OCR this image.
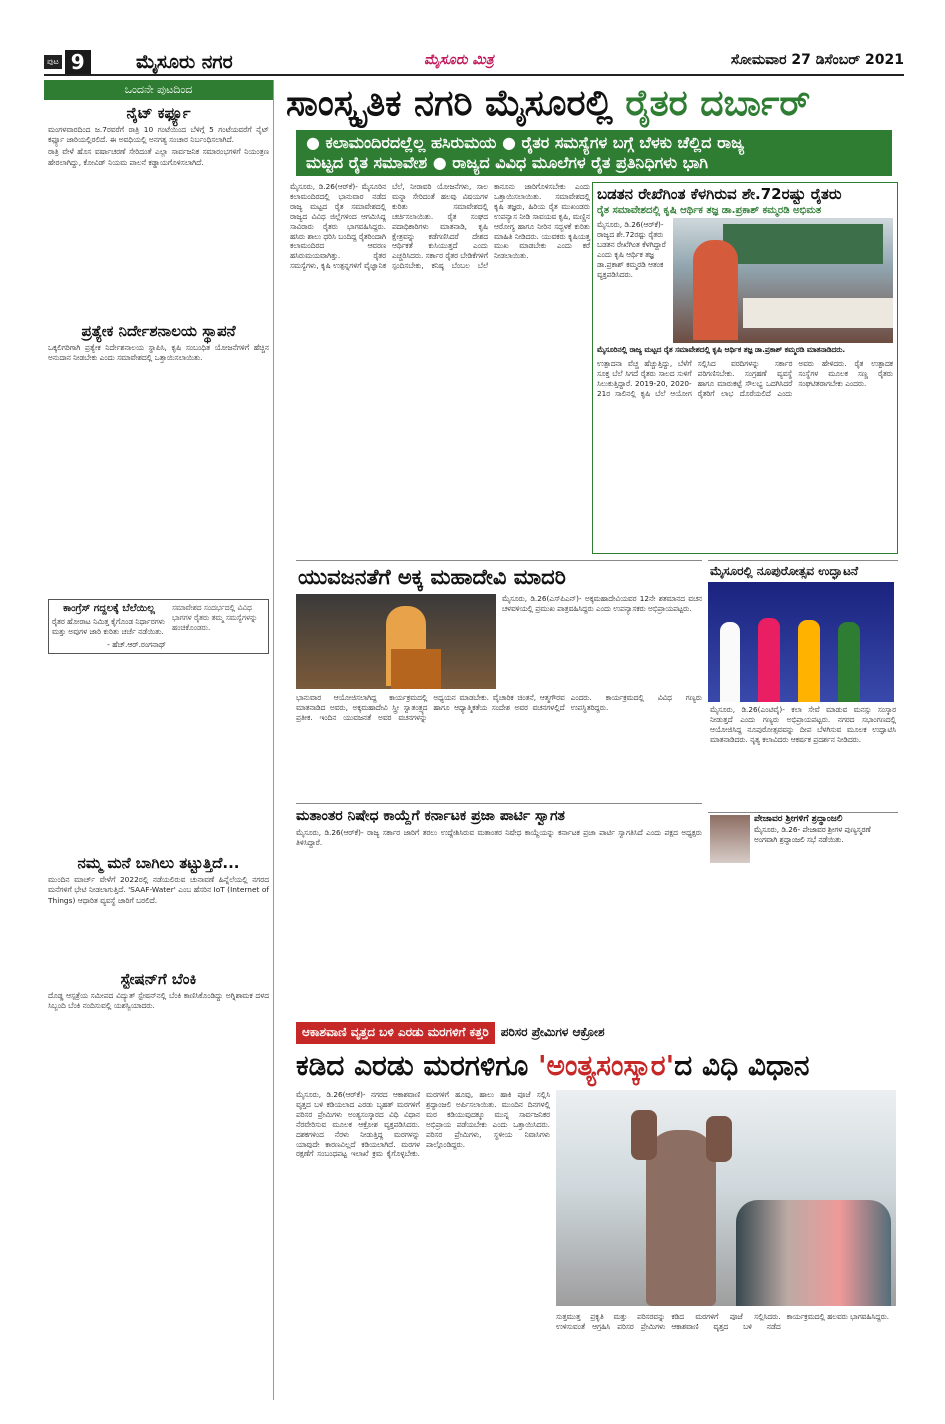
ಪುಟ 9	ಮೈಸೂರು ನಗರ	ಮೈಸೂರು ಮಿತ್ರ	ಸೋಮವಾರ 27 ಡಿಸೆಂಬರ್ 2021
ಒಂದನೇ ಪುಟದಿಂದ
ನೈಟ್ ಕರ್ಫ್ಯೂ

ಮಂಗಳವಾರದಿಂದ ಜ.7ರವರೆಗೆ ರಾತ್ರಿ 10 ಗಂಟೆಯಿಂದ ಬೆಳಿಗ್ಗೆ 5 ಗಂಟೆಯವರೆಗೆ ನೈಟ್ ಕರ್ಫ್ಯೂ ಜಾರಿಯಲ್ಲಿರಲಿದೆ. ಈ ಅವಧಿಯಲ್ಲಿ ಅನಗತ್ಯ ಸಂಚಾರ ನಿರ್ಬಂಧಿಸಲಾಗಿದೆ.

ರಾತ್ರಿ ವೇಳೆ ಹೊಸ ವರ್ಷಾಚರಣೆ ಸೇರಿದಂತೆ ಎಲ್ಲಾ ಸಾರ್ವಜನಿಕ ಸಮಾರಂಭಗಳಿಗೆ ನಿಯಂತ್ರಣ ಹೇರಲಾಗಿದ್ದು, ಕೋವಿಡ್ ನಿಯಮ ಪಾಲನೆ ಕಡ್ಡಾಯಗೊಳಿಸಲಾಗಿದೆ.

ಪ್ರತ್ಯೇಕ ನಿರ್ದೇಶನಾಲಯ ಸ್ಥಾಪನೆ

ಒಕ್ಕಲಿಗರಿಗಾಗಿ ಪ್ರತ್ಯೇಕ ನಿರ್ದೇಶನಾಲಯ ಸ್ಥಾಪಿಸಿ, ಕೃಷಿ ಸಂಬಂಧಿತ ಯೋಜನೆಗಳಿಗೆ ಹೆಚ್ಚಿನ ಅನುದಾನ ನೀಡಬೇಕು ಎಂದು ಸಮಾವೇಶದಲ್ಲಿ ಒತ್ತಾಯಿಸಲಾಯಿತು.

ಕಾಂಗ್ರೆಸ್ ಗದ್ದಲಕ್ಕೆ ಬೆಲೆಯಿಲ್ಲ
ರೈತರ ಹೋರಾಟ ನಿಮಿತ್ತ ಕೈಗೊಂಡ ನಿರ್ಧಾರಗಳು ಮತ್ತು ಅವುಗಳ ಜಾರಿ ಕುರಿತು ಚರ್ಚೆ ನಡೆಯಿತು.
- ಹೆಚ್.ಆರ್.ರಂಗನಾಥ್
ಸಮಾವೇಶದ ಸಂದರ್ಭದಲ್ಲಿ ವಿವಿಧ ಭಾಗಗಳ ರೈತರು ತಮ್ಮ ಸಮಸ್ಯೆಗಳನ್ನು ಹಂಚಿಕೊಂಡರು.
ನಮ್ಮ ಮನೆ ಬಾಗಿಲು ತಟ್ಟುತ್ತಿದೆ...

ಮುಂದಿನ ಮಾರ್ಚ್ ವೇಳೆಗೆ 2022ರಲ್ಲಿ ನಡೆಯಲಿರುವ ಚುನಾವಣೆ ಹಿನ್ನೆಲೆಯಲ್ಲಿ ನಗರದ ಮನೆಗಳಿಗೆ ಭೇಟಿ ನೀಡಲಾಗುತ್ತಿದೆ. 'SAAF-Water' ಎಂಬ ಹೆಸರಿನ IoT (Internet of Things) ಆಧಾರಿತ ವ್ಯವಸ್ಥೆ ಜಾರಿಗೆ ಬರಲಿದೆ.

ಸ್ಟೇಷನ್‌ಗೆ ಬೆಂಕಿ

ದೊಡ್ಡ ಆಸ್ಪತ್ರೆಯ ಸಮೀಪದ ವಿದ್ಯುತ್ ಸ್ಟೇಷನ್‌ನಲ್ಲಿ ಬೆಂಕಿ ಕಾಣಿಸಿಕೊಂಡಿದ್ದು ಅಗ್ನಿಶಾಮಕ ದಳದ ಸಿಬ್ಬಂದಿ ಬೆಂಕಿ ನಂದಿಸುವಲ್ಲಿ ಯಶಸ್ವಿಯಾದರು.

ಸಾಂಸ್ಕೃತಿಕ ನಗರಿ ಮೈಸೂರಲ್ಲಿ ರೈತರ ದರ್ಬಾರ್
● ಕಲಾಮಂದಿರದಲ್ಲೆಲ್ಲ ಹಸಿರುಮಯ ● ರೈತರ ಸಮಸ್ಯೆಗಳ ಬಗ್ಗೆ ಬೆಳಕು ಚೆಲ್ಲಿದ ರಾಜ್ಯ
ಮಟ್ಟದ ರೈತ ಸಮಾವೇಶ ● ರಾಜ್ಯದ ವಿವಿಧ ಮೂಲೆಗಳ ರೈತ ಪ್ರತಿನಿಧಿಗಳು ಭಾಗಿ
ಮೈಸೂರು, ಡಿ.26(ಆರ್‌ಕೆ)- ಮೈಸೂರಿನ ಕಲಾಮಂದಿರದಲ್ಲಿ ಭಾನುವಾರ ನಡೆದ ರಾಜ್ಯ ಮಟ್ಟದ ರೈತ ಸಮಾವೇಶದಲ್ಲಿ ರಾಜ್ಯದ ವಿವಿಧ ಜಿಲ್ಲೆಗಳಿಂದ ಆಗಮಿಸಿದ್ದ ಸಾವಿರಾರು ರೈತರು ಭಾಗವಹಿಸಿದ್ದರು. ಹಸಿರು ಶಾಲು ಧರಿಸಿ ಬಂದಿದ್ದ ರೈತರಿಂದಾಗಿ ಕಲಾಮಂದಿರದ ಆವರಣ ಹಸಿರುಮಯವಾಗಿತ್ತು. ರೈತರ ಸಮಸ್ಯೆಗಳು, ಕೃಷಿ ಉತ್ಪನ್ನಗಳಿಗೆ ವೈಜ್ಞಾನಿಕ ಬೆಲೆ, ನೀರಾವರಿ ಯೋಜನೆಗಳು, ಸಾಲ ಮನ್ನಾ ಸೇರಿದಂತೆ ಹಲವು ವಿಷಯಗಳ ಕುರಿತು ಸಮಾವೇಶದಲ್ಲಿ ಚರ್ಚಿಸಲಾಯಿತು. ರೈತ ಸಂಘದ ಪದಾಧಿಕಾರಿಗಳು ಮಾತನಾಡಿ, ಕೃಷಿ ಕ್ಷೇತ್ರವನ್ನು ಕಡೆಗಣಿಸಿದರೆ ದೇಶದ ಆರ್ಥಿಕತೆ ಕುಸಿಯುತ್ತದೆ ಎಂದು ಎಚ್ಚರಿಸಿದರು. ಸರ್ಕಾರ ರೈತರ ಬೇಡಿಕೆಗಳಿಗೆ ಸ್ಪಂದಿಸಬೇಕು, ಕನಿಷ್ಠ ಬೆಂಬಲ ಬೆಲೆ ಕಾನೂನು ಜಾರಿಗೊಳಿಸಬೇಕು ಎಂದು ಒತ್ತಾಯಿಸಲಾಯಿತು. ಸಮಾವೇಶದಲ್ಲಿ ಕೃಷಿ ತಜ್ಞರು, ಹಿರಿಯ ರೈತ ಮುಖಂಡರು ಉಪನ್ಯಾಸ ನೀಡಿ ಸಾವಯವ ಕೃಷಿ, ಮಣ್ಣಿನ ಆರೋಗ್ಯ ಹಾಗೂ ನೀರಿನ ಸದ್ಬಳಕೆ ಕುರಿತು ಮಾಹಿತಿ ನೀಡಿದರು. ಯುವಕರು ಕೃಷಿಯತ್ತ ಮುಖ ಮಾಡಬೇಕು ಎಂದು ಕರೆ ನೀಡಲಾಯಿತು.
ಬಡತನ ರೇಖೆಗಿಂತ ಕೆಳಗಿರುವ ಶೇ.72ರಷ್ಟು ರೈತರು
ರೈತ ಸಮಾವೇಶದಲ್ಲಿ ಕೃಷಿ ಆರ್ಥಿಕ ತಜ್ಞ ಡಾ.ಪ್ರಕಾಶ್ ಕಮ್ಮರಡಿ ಅಭಿಮತ
ಮೈಸೂರು, ಡಿ.26(ಆರ್‌ಕೆ)- ರಾಜ್ಯದ ಶೇ.72ರಷ್ಟು ರೈತರು ಬಡತನ ರೇಖೆಗಿಂತ ಕೆಳಗಿದ್ದಾರೆ ಎಂದು ಕೃಷಿ ಆರ್ಥಿಕ ತಜ್ಞ ಡಾ.ಪ್ರಕಾಶ್ ಕಮ್ಮರಡಿ ಆತಂಕ ವ್ಯಕ್ತಪಡಿಸಿದರು.
ಮೈಸೂರಿನಲ್ಲಿ ರಾಜ್ಯ ಮಟ್ಟದ ರೈತ ಸಮಾವೇಶದಲ್ಲಿ ಕೃಷಿ ಆರ್ಥಿಕ ತಜ್ಞ ಡಾ.ಪ್ರಕಾಶ್ ಕಮ್ಮರಡಿ ಮಾತನಾಡಿದರು.
ಉತ್ಪಾದನಾ ವೆಚ್ಚ ಹೆಚ್ಚುತ್ತಿದ್ದು, ಬೆಳೆಗೆ ಸೂಕ್ತ ಬೆಲೆ ಸಿಗದೆ ರೈತರು ಸಾಲದ ಸುಳಿಗೆ ಸಿಲುಕುತ್ತಿದ್ದಾರೆ. 2019-20, 2020-21ರ ಸಾಲಿನಲ್ಲಿ ಕೃಷಿ ಬೆಲೆ ಆಯೋಗ ಸಲ್ಲಿಸಿದ ವರದಿಗಳನ್ನು ಸರ್ಕಾರ ಪರಿಗಣಿಸಬೇಕು. ಸಂಗ್ರಹಣೆ ವ್ಯವಸ್ಥೆ ಹಾಗೂ ಮಾರುಕಟ್ಟೆ ಸೌಲಭ್ಯ ಒದಗಿಸಿದರೆ ರೈತರಿಗೆ ಲಾಭ ದೊರೆಯಲಿದೆ ಎಂದು ಅವರು ಹೇಳಿದರು. ರೈತ ಉತ್ಪಾದಕ ಸಂಸ್ಥೆಗಳ ಮೂಲಕ ಸಣ್ಣ ರೈತರು ಸಂಘಟಿತರಾಗಬೇಕು ಎಂದರು.
ಯುವಜನತೆಗೆ ಅಕ್ಕ ಮಹಾದೇವಿ ಮಾದರಿ
ಮೈಸೂರು, ಡಿ.26(ಎಸ್‌ಪಿಎನ್)- ಅಕ್ಕಮಹಾದೇವಿಯವರ 12ನೇ ಶತಮಾನದ ವಚನ ಚಳವಳಿಯಲ್ಲಿ ಪ್ರಮುಖ ಪಾತ್ರವಹಿಸಿದ್ದರು ಎಂದು ಉಪನ್ಯಾಸಕರು ಅಭಿಪ್ರಾಯಪಟ್ಟರು.
ಭಾನುವಾರ ಆಯೋಜಿಸಲಾಗಿದ್ದ ಕಾರ್ಯಕ್ರಮದಲ್ಲಿ ಮಾತನಾಡಿದ ಅವರು, ಅಕ್ಕಮಹಾದೇವಿ ಸ್ತ್ರೀ ಸ್ವಾತಂತ್ರ್ಯದ ಪ್ರತೀಕ. ಇಂದಿನ ಯುವಜನತೆ ಅವರ ವಚನಗಳನ್ನು ಅಧ್ಯಯನ ಮಾಡಬೇಕು. ವೈಚಾರಿಕ ಚಿಂತನೆ, ಆತ್ಮಗೌರವ ಹಾಗೂ ಆಧ್ಯಾತ್ಮಿಕತೆಯ ಸಂದೇಶ ಅವರ ವಚನಗಳಲ್ಲಿದೆ ಎಂದರು. ಕಾರ್ಯಕ್ರಮದಲ್ಲಿ ವಿವಿಧ ಗಣ್ಯರು ಉಪಸ್ಥಿತರಿದ್ದರು.
ಮತಾಂತರ ನಿಷೇಧ ಕಾಯ್ದೆಗೆ ಕರ್ನಾಟಕ ಪ್ರಜಾ ಪಾರ್ಟಿ ಸ್ವಾಗತ
ಮೈಸೂರು, ಡಿ.26(ಆರ್‌ಕೆ)- ರಾಜ್ಯ ಸರ್ಕಾರ ಜಾರಿಗೆ ತರಲು ಉದ್ದೇಶಿಸಿರುವ ಮತಾಂತರ ನಿಷೇಧ ಕಾಯ್ದೆಯನ್ನು ಕರ್ನಾಟಕ ಪ್ರಜಾ ಪಾರ್ಟಿ ಸ್ವಾಗತಿಸಿದೆ ಎಂದು ಪಕ್ಷದ ಅಧ್ಯಕ್ಷರು ತಿಳಿಸಿದ್ದಾರೆ.
ಮೈಸೂರಲ್ಲಿ ನೂಪುರೋತ್ಸವ ಉದ್ಘಾಟನೆ
ಮೈಸೂರು, ಡಿ.26(ಎಂಟಿವೈ)- ಕಲಾ ಸೇವೆ ಮಾಡುವ ಮನಸ್ಸು ಸಂಸ್ಕಾರ ನೀಡುತ್ತದೆ ಎಂದು ಗಣ್ಯರು ಅಭಿಪ್ರಾಯಪಟ್ಟರು. ನಗರದ ಸಭಾಂಗಣದಲ್ಲಿ ಆಯೋಜಿಸಿದ್ದ ನೂಪುರೋತ್ಸವವನ್ನು ದೀಪ ಬೆಳಗಿಸುವ ಮೂಲಕ ಉದ್ಘಾಟಿಸಿ ಮಾತನಾಡಿದರು. ನೃತ್ಯ ಕಲಾವಿದರು ಆಕರ್ಷಕ ಪ್ರದರ್ಶನ ನೀಡಿದರು.
ಪೇಜಾವರ ಶ್ರೀಗಳಿಗೆ ಶ್ರದ್ಧಾಂಜಲಿ
ಮೈಸೂರು, ಡಿ.26- ಪೇಜಾವರ ಶ್ರೀಗಳ ಪುಣ್ಯಸ್ಮರಣೆ ಅಂಗವಾಗಿ ಶ್ರದ್ಧಾಂಜಲಿ ಸಭೆ ನಡೆಯಿತು.
ಆಕಾಶವಾಣಿ ವೃತ್ತದ ಬಳಿ ಎರಡು ಮರಗಳಿಗೆ ಕತ್ತರಿ	ಪರಿಸರ ಪ್ರೇಮಿಗಳ ಆಕ್ರೋಶ
ಕಡಿದ ಎರಡು ಮರಗಳಿಗೂ 'ಅಂತ್ಯಸಂಸ್ಕಾರ'ದ ವಿಧಿ ವಿಧಾನ
ಮೈಸೂರು, ಡಿ.26(ಆರ್‌ಕೆ)- ನಗರದ ಆಕಾಶವಾಣಿ ವೃತ್ತದ ಬಳಿ ಕಡಿಯಲಾದ ಎರಡು ಬೃಹತ್ ಮರಗಳಿಗೆ ಪರಿಸರ ಪ್ರೇಮಿಗಳು ಅಂತ್ಯಸಂಸ್ಕಾರದ ವಿಧಿ ವಿಧಾನ ನೆರವೇರಿಸುವ ಮೂಲಕ ಆಕ್ರೋಶ ವ್ಯಕ್ತಪಡಿಸಿದರು. ದಶಕಗಳಿಂದ ನೆರಳು ನೀಡುತ್ತಿದ್ದ ಮರಗಳನ್ನು ಯಾವುದೇ ಕಾರಣವಿಲ್ಲದೆ ಕಡಿಯಲಾಗಿದೆ. ಮರಗಳ ರಕ್ಷಣೆಗೆ ಸಂಬಂಧಪಟ್ಟ ಇಲಾಖೆ ಕ್ರಮ ಕೈಗೊಳ್ಳಬೇಕು. ಮರಗಳಿಗೆ ಹೂವು, ಹಾಲು ಹಾಕಿ ಪೂಜೆ ಸಲ್ಲಿಸಿ ಶ್ರದ್ಧಾಂಜಲಿ ಅರ್ಪಿಸಲಾಯಿತು. ಮುಂದಿನ ದಿನಗಳಲ್ಲಿ ಮರ ಕಡಿಯುವುದಕ್ಕೂ ಮುನ್ನ ಸಾರ್ವಜನಿಕರ ಅಭಿಪ್ರಾಯ ಪಡೆಯಬೇಕು ಎಂದು ಒತ್ತಾಯಿಸಿದರು. ಪರಿಸರ ಪ್ರೇಮಿಗಳು, ಸ್ಥಳೀಯ ನಿವಾಸಿಗಳು ಪಾಲ್ಗೊಂಡಿದ್ದರು.
ಸುತ್ತಮುತ್ತ ಪ್ರಕೃತಿ ಮತ್ತು ಪರಿಸರವನ್ನು ಉಳಿಸುವಂತೆ ಆಗ್ರಹಿಸಿ ಪರಿಸರ ಪ್ರೇಮಿಗಳು ಕಡಿದ ಮರಗಳಿಗೆ ಪೂಜೆ ಸಲ್ಲಿಸಿದರು. ಆಕಾಶವಾಣಿ ವೃತ್ತದ ಬಳಿ ನಡೆದ ಕಾರ್ಯಕ್ರಮದಲ್ಲಿ ಹಲವರು ಭಾಗವಹಿಸಿದ್ದರು.
